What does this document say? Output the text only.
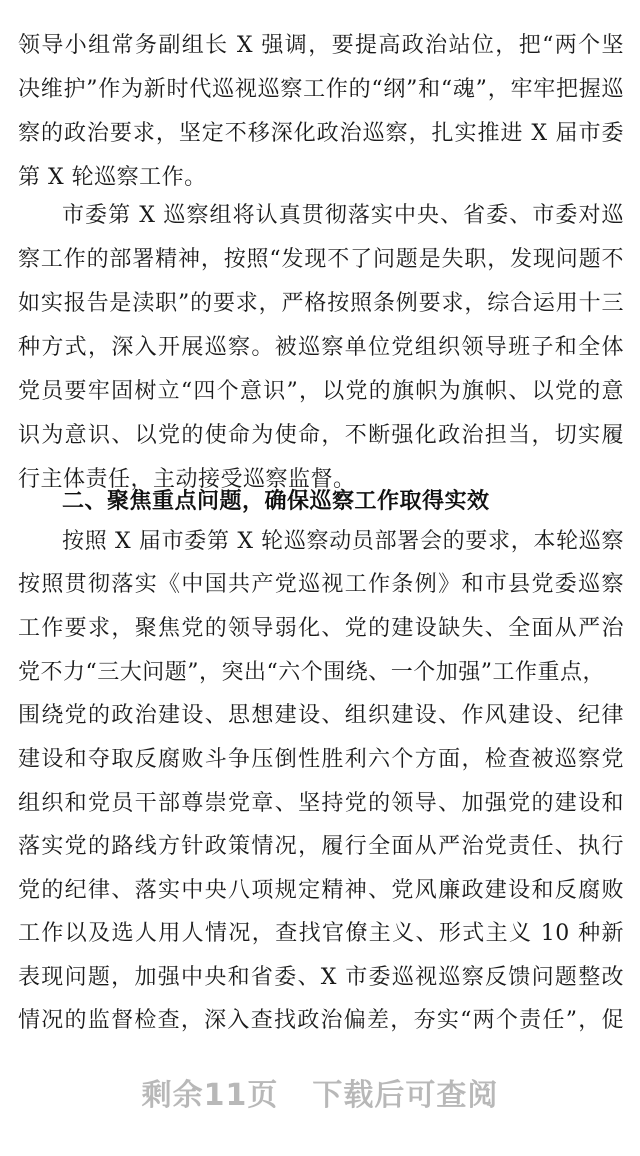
领导小组常务副组长 X 强调，要提高政治站位，把“两个坚
决维护”作为新时代巡视巡察工作的“纲”和“魂”，牢牢把握巡
察的政治要求，坚定不移深化政治巡察，扎实推进 X 届市委
第 X 轮巡察工作。
市委第 X 巡察组将认真贯彻落实中央、省委、市委对巡
察工作的部署精神，按照“发现不了问题是失职，发现问题不
如实报告是渎职”的要求，严格按照条例要求，综合运用十三
种方式，深入开展巡察。被巡察单位党组织领导班子和全体
党员要牢固树立“四个意识”，以党的旗帜为旗帜、以党的意
识为意识、以党的使命为使命，不断强化政治担当，切实履
行主体责任，主动接受巡察监督。
二、聚焦重点问题，确保巡察工作取得实效
按照 X 届市委第 X 轮巡察动员部署会的要求，本轮巡察
按照贯彻落实《中国共产党巡视工作条例》和市县党委巡察
工作要求，聚焦党的领导弱化、党的建设缺失、全面从严治
党不力“三大问题”，突出“六个围绕、一个加强”工作重点，
围绕党的政治建设、思想建设、组织建设、作风建设、纪律
建设和夺取反腐败斗争压倒性胜利六个方面，检查被巡察党
组织和党员干部尊崇党章、坚持党的领导、加强党的建设和
落实党的路线方针政策情况，履行全面从严治党责任、执行
党的纪律、落实中央八项规定精神、党风廉政建设和反腐败
工作以及选人用人情况，查找官僚主义、形式主义 10 种新
表现问题，加强中央和省委、X 市委巡视巡察反馈问题整改
情况的监督检查，深入查找政治偏差，夯实“两个责任”，促
剩余11页 下载后可查阅
